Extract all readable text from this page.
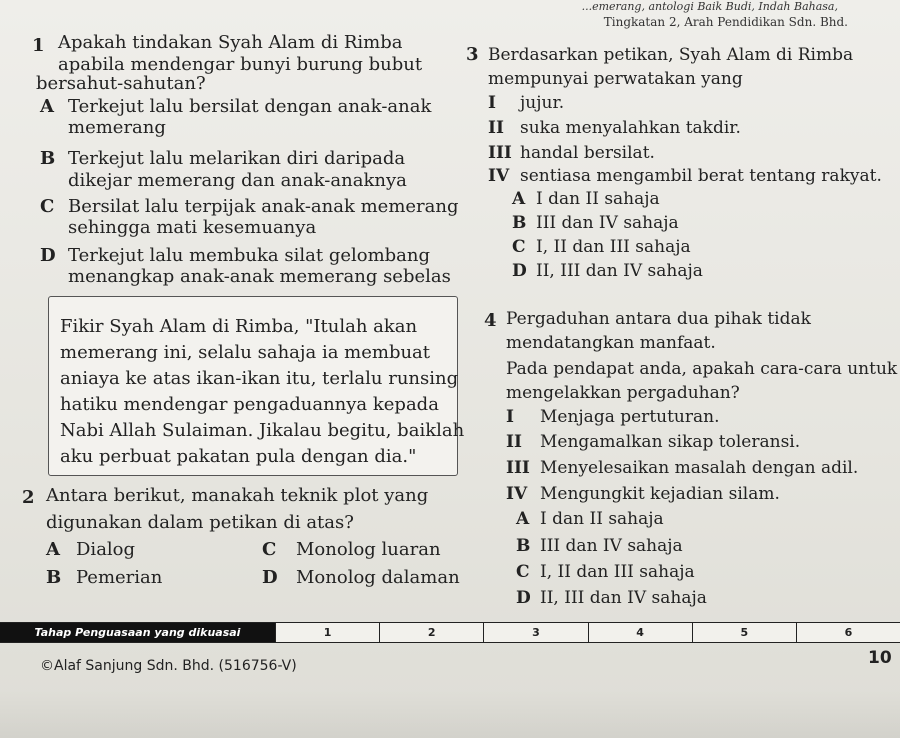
...emerang, antologi Baik Budi, Indah Bahasa,
Tingkatan 2, Arah Pendidikan Sdn. Bhd.
1 Apakah tindakan Syah Alam di Rimba
apabila mendengar bunyi burung bubut
bersahut-sahutan?
A Terkejut lalu bersilat dengan anak-anak
memerang
B Terkejut lalu melarikan diri daripada
dikejar memerang dan anak-anaknya
C Bersilat lalu terpijak anak-anak memerang
sehingga mati kesemuanya
D Terkejut lalu membuka silat gelombang
menangkap anak-anak memerang sebelas
Fikir Syah Alam di Rimba, "Itulah akan
memerang ini, selalu sahaja ia membuat
aniaya ke atas ikan-ikan itu, terlalu runsing
hatiku mendengar pengaduannya kepada
Nabi Allah Sulaiman. Jikalau begitu, baiklah
aku perbuat pakatan pula dengan dia."
2 Antara berikut, manakah teknik plot yang
digunakan dalam petikan di atas?
A Dialog
B Pemerian
C Monolog luaran
D Monolog dalaman
3 Berdasarkan petikan, Syah Alam di Rimba
mempunyai perwatakan yang
I jujur.
II suka menyalahkan takdir.
III handal bersilat.
IV sentiasa mengambil berat tentang rakyat.
A I dan II sahaja
B III dan IV sahaja
C I, II dan III sahaja
D II, III dan IV sahaja
4 Pergaduhan antara dua pihak tidak
mendatangkan manfaat.
Pada pendapat anda, apakah cara-cara untuk
mengelakkan pergaduhan?
I Menjaga pertuturan.
II Mengamalkan sikap toleransi.
III Menyelesaikan masalah dengan adil.
IV Mengungkit kejadian silam.
A I dan II sahaja
B III dan IV sahaja
C I, II dan III sahaja
D II, III dan IV sahaja
Tahap Penguasaan yang dikuasai	1	2	3	4	5	6
©Alaf Sanjung Sdn. Bhd. (516756-V)	10
